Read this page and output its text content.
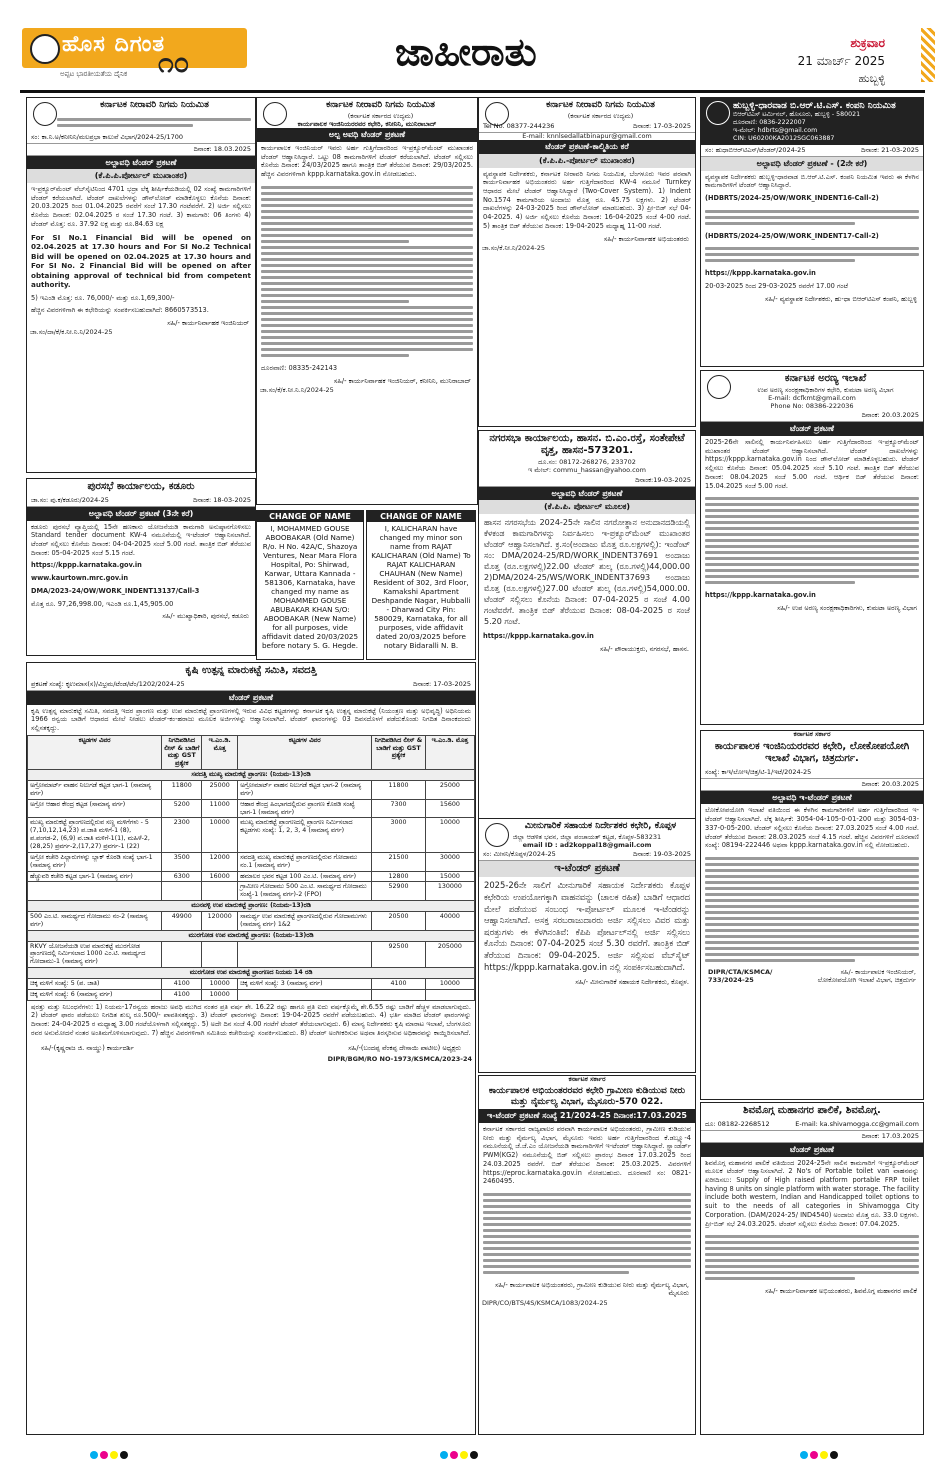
ಹೊಸ ದಿಗಂತ
೧೦
ಅಪ್ಪಟ ಭಾರತೀಯತೆಯ ದೈನಿಕ	ಜಾಹೀರಾತು	ಶುಕ್ರವಾರ
21 ಮಾರ್ಚ್ 2025
ಹುಬ್ಬಳ್ಳಿ
ಕರ್ನಾಟಕ ನೀರಾವರಿ ನಿಗಮ ನಿಯಮಿತ
ಸಂ: ಕಾ.ನಿ.ಅ/ಕನೀನಿನಿ/ಮಲಪ್ರಭಾ ಕಾಲುವೆ ವಿಭಾಗ/2024-25/1700
ದಿನಾಂಕ: 18.03.2025
ಅಲ್ಪಾವಧಿ ಟೆಂಡರ್ ಪ್ರಕಟಣೆ
(ಕೆ.ಪಿ.ಪಿ.ಪೋರ್ಟಲ್ ಮುಖಾಂತರ)
ಇ-ಪ್ರಕ್ಯೂರ್‌ಮೆಂಟ್ ವೆಬ್‌ಸೈಟಿನಿಂದ 4701 ಭದ್ರಾ ಲೆಕ್ಕ ಶೀರ್ಷಿಕೆಯಡಿಯಲ್ಲಿ 02 ಸಂಖ್ಯೆ ಕಾಮಗಾರಿಗಳಿಗೆ ಟೆಂಡರ್ ಕರೆಯಲಾಗಿದೆ. ಟೆಂಡರ್ ದಾಖಲೆಗಳನ್ನು ಡೌನ್‌ಲೋಡ್ ಮಾಡಿಕೊಳ್ಳಲು ಕೊನೆಯ ದಿನಾಂಕ: 20.03.2025 ರಿಂದ 01.04.2025 ರವರೆಗೆ ಸಂಜೆ 17.30 ಗಂಟೆವರೆಗೆ. 2) ಅರ್ಜಿ ಸಲ್ಲಿಸಲು ಕೊನೆಯ ದಿನಾಂಕ: 02.04.2025 ರ ಸಂಜೆ 17.30 ಗಂಟೆ. 3) ಕಾಮಗಾರಿ: 06 ತಿಂಗಳು 4) ಟೆಂಡರ್ ಮೊತ್ತ: ರೂ. 37.92 ಲಕ್ಷ ಮತ್ತು ರೂ.84.63 ಲಕ್ಷ
For SI No.1 Financial Bid will be opened on 02.04.2025 at 17.30 hours and For SI No.2 Technical Bid will be opened on 02.04.2025 at 17.30 hours and For SI No. 2 Financial Bid will be opened on after obtaining approval of technical bid from competent authority.
5) ಇಎಂಡಿ ಮೊತ್ತ: ರೂ. 76,000/- ಮತ್ತು ರೂ.1,69,300/-
ಹೆಚ್ಚಿನ ವಿವರಗಳಿಗಾಗಿ ಈ ಕಛೇರಿಯನ್ನು ಸಂಪರ್ಕಿಸಬಹುದಾಗಿದೆ: 8660573513.
ಸಹಿ/- ಕಾರ್ಯನಿರ್ವಾಹಕ ಇಂಜಿನಿಯರ್
ಜಾ.ಸಂ/ದಾ/ಕೆ/ಕ.ನೀ.ನಿ.ನಿ/2024-25
ಕರ್ನಾಟಕ ನೀರಾವರಿ ನಿಗಮ ನಿಯಮಿತ
(ಕರ್ನಾಟಕ ಸರ್ಕಾರದ ಉದ್ಯಮ)
ಕಾರ್ಯಪಾಲಕ ಇಂಜಿನಿಯರರವರ ಕಛೇರಿ, ಕನೀನಿನಿ, ಮುನಿರಾಬಾದ್
ಅಲ್ಪ ಅವಧಿ ಟೆಂಡರ್ ಪ್ರಕಟಣೆ
ಕಾರ್ಯಪಾಲಕ ಇಂಜಿನಿಯರ್ ಇವರು ಅರ್ಹ ಗುತ್ತಿಗೆದಾರರಿಂದ ಇ-ಪ್ರಕ್ಯೂರ್‌ಮೆಂಟ್ ಮುಖಾಂತರ ಟೆಂಡರ್ ಆಹ್ವಾನಿಸಿದ್ದಾರೆ. ಒಟ್ಟು 08 ಕಾಮಗಾರಿಗಳಿಗೆ ಟೆಂಡರ್ ಕರೆಯಲಾಗಿದೆ. ಟೆಂಡರ್ ಸಲ್ಲಿಸಲು ಕೊನೆಯ ದಿನಾಂಕ: 24/03/2025 ಹಾಗೂ ತಾಂತ್ರಿಕ ಬಿಡ್ ತೆರೆಯುವ ದಿನಾಂಕ: 29/03/2025. ಹೆಚ್ಚಿನ ವಿವರಗಳಿಗಾಗಿ kppp.karnataka.gov.in ನೋಡಬಹುದು.
ದೂರವಾಣಿ: 08335-242143
ಸಹಿ/- ಕಾರ್ಯನಿರ್ವಾಹಕ ಇಂಜಿನಿಯರ್, ಕನೀನಿನಿ, ಮುನಿರಾಬಾದ್
ಜಾ.ಸಂ/ಕೆ/ಕ.ನೀ.ನಿ.ನಿ/2024-25
ಕರ್ನಾಟಕ ನೀರಾವರಿ ನಿಗಮ ನಿಯಮಿತ
(ಕರ್ನಾಟಕ ಸರ್ಕಾರದ ಉದ್ಯಮ)
Tel No. 08377-244236	ದಿನಾಂಕ: 17-03-2025
E-mail: knnlsedallatbinapur@gmail.com
ಟೆಂಡರ್ ಪ್ರಕಟಣೆ-ಕಾಲ್ಮಿತಿಯ ಕರೆ
(ಕೆ.ಪಿ.ಪಿ.-ಪೋರ್ಟಲ್ ಮುಖಾಂತರ)
ವ್ಯವಸ್ಥಾಪಕ ನಿರ್ದೇಶಕರು, ಕರ್ನಾಟಕ ನೀರಾವರಿ ನಿಗಮ ನಿಯಮಿತ, ಬೆಂಗಳೂರು ಇವರ ಪರವಾಗಿ ಕಾರ್ಯನಿರ್ವಾಹಕ ಅಭಿಯಂತರರು ಅರ್ಹ ಗುತ್ತಿಗೆದಾರರಿಂದ KW-4 ನಮೂನೆ Turnkey ಆಧಾರದ ಮೇಲೆ ಟೆಂಡರ್ ಆಹ್ವಾನಿಸಿದ್ದಾರೆ (Two-Cover System). 1) Indent No.1574 ಕಾಮಗಾರಿಯ ಅಂದಾಜು ಮೊತ್ತ ರೂ. 45.75 ಲಕ್ಷಗಳು. 2) ಟೆಂಡರ್ ದಾಖಲೆಗಳನ್ನು 24-03-2025 ರಿಂದ ಡೌನ್‌ಲೋಡ್ ಮಾಡಬಹುದು. 3) ಪ್ರೀ-ಬಿಡ್ ಸಭೆ 04-04-2025. 4) ಅರ್ಜಿ ಸಲ್ಲಿಸಲು ಕೊನೆಯ ದಿನಾಂಕ: 16-04-2025 ಸಂಜೆ 4-00 ಗಂಟೆ. 5) ತಾಂತ್ರಿಕ ಬಿಡ್ ತೆರೆಯುವ ದಿನಾಂಕ: 19-04-2025 ಮಧ್ಯಾಹ್ನ 11-00 ಗಂಟೆ.
ಸಹಿ/- ಕಾರ್ಯನಿರ್ವಾಹಕ ಅಭಿಯಂತರರು
ಜಾ.ಸಂ/ಕೆ.ನೀ.ನಿ/2024-25
ನಗರಸಭಾ ಕಾರ್ಯಾಲಯ, ಹಾಸನ. ಬಿ.ಎಂ.ರಸ್ತೆ, ಸಂತೇಪೇಟೆ ವೃತ್ತ, ಹಾಸನ-573201.
ದೂ.ಸಂ: 08172-268276, 233702
ಇ ಮೇಲ್: commu_hassan@yahoo.com
ದಿನಾಂಕ:19-03-2025
ಅಲ್ಪಾವಧಿ ಟೆಂಡರ್ ಪ್ರಕಟಣೆ
(ಕೆ.ಪಿ.ಪಿ. ಪೋರ್ಟಲ್ ಮೂಲಕ)
ಹಾಸನ ನಗರಸಭೆಯ 2024-25ನೇ ಸಾಲಿನ ನಗರೋತ್ಥಾನ ಅನುದಾನದಡಿಯಲ್ಲಿ ಕೆಳಕಂಡ ಕಾಮಗಾರಿಗಳನ್ನು ನಿರ್ವಹಿಸಲು ಇ-ಪ್ರಕ್ಯೂರ್‌ಮೆಂಟ್ ಮುಖಾಂತರ ಟೆಂಡರ್ ಆಹ್ವಾನಿಸಲಾಗಿದೆ. ಕ್ರ.ಸಂ(ಅಂದಾಜು ಮೊತ್ತ ರೂ.ಲಕ್ಷಗಳಲ್ಲಿ): ಇಂಡೆಂಟ್ ಸಂ: DMA/2024-25/RD/WORK_INDENT37691 ಅಂದಾಜು ಮೊತ್ತ (ರೂ.ಲಕ್ಷಗಳಲ್ಲಿ)22.00 ಟೆಂಡರ್ ಶುಲ್ಕ (ರೂ.ಗಳಲ್ಲಿ)44,000.00 2)DMA/2024-25/WS/WORK_INDENT37693 ಅಂದಾಜು ಮೊತ್ತ (ರೂ.ಲಕ್ಷಗಳಲ್ಲಿ)27.00 ಟೆಂಡರ್ ಶುಲ್ಕ (ರೂ.ಗಳಲ್ಲಿ)54,000.00. ಟೆಂಡರ್ ಸಲ್ಲಿಸಲು ಕೊನೆಯ ದಿನಾಂಕ: 07-04-2025 ರ ಸಂಜೆ 4.00 ಗಂಟೆವರೆಗೆ. ತಾಂತ್ರಿಕ ಬಿಡ್ ತೆರೆಯುವ ದಿನಾಂಕ: 08-04-2025 ರ ಸಂಜೆ 5.20 ಗಂಟೆ.
https://kppp.karnataka.gov.in
ಸಹಿ/- ಪೌರಾಯುಕ್ತರು, ನಗರಸಭೆ, ಹಾಸನ.
ಮೀನುಗಾರಿಕೆ ಸಹಾಯಕ ನಿರ್ದೇಶಕರ ಕಛೇರಿ, ಕೊಪ್ಪಳ
ಜಿಲ್ಲಾ ಆಡಳಿತ ಭವನ, ಜಿಲ್ಲಾ ಪಂಚಾಯತ್ ಕಟ್ಟಡ, ಕೊಪ್ಪಳ-583231
email ID : ad2koppal18@gmail.com
ಸಂ: ಮೀಸನಿ/ಕೊಪ್ಪಳ/2024-25	ದಿನಾಂಕ: 19-03-2025
ಇ-ಟೆಂಡರ್ ಪ್ರಕಟಣೆ
2025-26ನೇ ಸಾಲಿಗೆ ಮೀನುಗಾರಿಕೆ ಸಹಾಯಕ ನಿರ್ದೇಶಕರು ಕೊಪ್ಪಳ ಕಛೇರಿಯ ಉಪಯೋಗಕ್ಕಾಗಿ ವಾಹನವನ್ನು (ಚಾಲಕ ರಹಿತ) ಬಾಡಿಗೆ ಆಧಾರದ ಮೇಲೆ ಪಡೆಯುವ ಸಂಬಂಧ ಇ-ಪೋರ್ಟಲ್ ಮೂಲಕ ಇ-ಟೆಂಡರನ್ನು ಆಹ್ವಾನಿಸಲಾಗಿದೆ. ಅಸಕ್ತ ಸರಬರಾಜುದಾರರು ಅರ್ಜಿ ಸಲ್ಲಿಸಲು ವಿವರ ಮತ್ತು ಷರತ್ತುಗಳು ಈ ಕೆಳಗಿನಂತಿವೆ: ಕೆಪಿಪಿ ಪೋರ್ಟಲ್‌ನಲ್ಲಿ ಅರ್ಜಿ ಸಲ್ಲಿಸಲು ಕೊನೆಯ ದಿನಾಂಕ: 07-04-2025 ಸಂಜೆ 5.30 ರವರೆಗೆ. ತಾಂತ್ರಿಕ ಬಿಡ್ ತೆರೆಯುವ ದಿನಾಂಕ: 09-04-2025. ಅರ್ಜಿ ಸಲ್ಲಿಸುವ ವೆಬ್‌ಸೈಟ್ https://kppp.karnataka.gov.in ನಲ್ಲಿ ಸಂಪರ್ಕಿಸಬಹುದಾಗಿದೆ.
ಸಹಿ/- ಮೀನುಗಾರಿಕೆ ಸಹಾಯಕ ನಿರ್ದೇಶಕರು, ಕೊಪ್ಪಳ.
ಕರ್ನಾಟಕ ಸರ್ಕಾರ
ಕಾರ್ಯಪಾಲಕ ಅಭಿಯಂತರರವರ ಕಛೇರಿ ಗ್ರಾಮೀಣ ಕುಡಿಯುವ ನೀರು ಮತ್ತು ನೈರ್ಮಲ್ಯ ವಿಭಾಗ, ಮೈಸೂರು-570 022.
ಇ-ಟೆಂಡರ್ ಪ್ರಕಟಣೆ ಸಂಖ್ಯೆ 21/2024-25 ದಿನಾಂಕ:17.03.2025
ಕರ್ನಾಟಕ ಸರ್ಕಾರದ ರಾಜ್ಯಪಾಲರ ಪರವಾಗಿ ಕಾರ್ಯಪಾಲಕ ಅಭಿಯಂತರರು, ಗ್ರಾಮೀಣ ಕುಡಿಯುವ ನೀರು ಮತ್ತು ನೈರ್ಮಲ್ಯ ವಿಭಾಗ, ಮೈಸೂರು ಇವರು ಅರ್ಹ ಗುತ್ತಿಗೆದಾರರಿಂದ ಕೆ.ಡಬ್ಲ್ಯೂ-4 ನಮೂನೆಯಲ್ಲಿ ಜೆ.ಜೆ.ಎಂ ಯೋಜನೆಯಡಿ ಕಾಮಗಾರಿಗಳಿಗೆ ಇ-ಟೆಂಡರ್ ಆಹ್ವಾನಿಸಿದ್ದಾರೆ. ಸ್ಟ್ಯಾಂಡರ್ಡ್ PWM(KG2) ನಮೂನೆಯಲ್ಲಿ ಬಿಡ್ ಸಲ್ಲಿಸಲು ಪ್ರಾರಂಭ ದಿನಾಂಕ 17.03.2025 ರಿಂದ 24.03.2025 ರವರೆಗೆ. ಬಿಡ್ ತೆರೆಯುವ ದಿನಾಂಕ: 25.03.2025. ವಿವರಗಳಿಗೆ https://eproc.karnataka.gov.in ನೋಡಬಹುದು. ದೂರವಾಣಿ ಸಂ: 0821-2460495.
ಸಹಿ/- ಕಾರ್ಯಪಾಲಕ ಅಭಿಯಂತರರು, ಗ್ರಾಮೀಣ ಕುಡಿಯುವ ನೀರು ಮತ್ತು ನೈರ್ಮಲ್ಯ ವಿಭಾಗ, ಮೈಸೂರು
DIPR/CO/BTS/4S/KSMCA/1083/2024-25
ಹುಬ್ಬಳ್ಳಿ-ಧಾರವಾಡ ಬಿ.ಆರ್.ಟಿ.ಎಸ್. ಕಂಪನಿ ನಿಯಮಿತ
ಬಿಆರ್‌ಟಿಎಸ್ ಟರ್ಮಿನಲ್, ಹೊಸೂರು, ಹುಬ್ಬಳ್ಳಿ - 580021
ದೂರವಾಣಿ: 0836-2222007
ಇ-ಮೇಲ್: hdbrts@gmail.com
CIN: U60200KA2012SGC063887
ಸಂ: ಹುಧಾಬಿಆರ್‌ಟಿಎಸ್/ಟೆಂಡರ್/2024-25	ದಿನಾಂಕ: 21-03-2025
ಅಲ್ಪಾವಧಿ ಟೆಂಡರ್ ಪ್ರಕಟಣೆ - (2ನೇ ಕರೆ)
ವ್ಯವಸ್ಥಾಪಕ ನಿರ್ದೇಶಕರು ಹುಬ್ಬಳ್ಳಿ-ಧಾರವಾಡ ಬಿ.ಆರ್.ಟಿ.ಎಸ್. ಕಂಪನಿ ನಿಯಮಿತ ಇವರು ಈ ಕೆಳಗಿನ ಕಾಮಗಾರಿಗಳಿಗೆ ಟೆಂಡರ್ ಆಹ್ವಾನಿಸಿದ್ದಾರೆ.
(HDBRTS/2024-25/OW/WORK_INDENT16-Call-2)
(HDBRTS/2024-25/OW/WORK_INDENT17-Call-2)
https://kppp.karnataka.gov.in
20-03-2025 ರಿಂದ 29-03-2025 ರವರೆಗೆ 17.00 ಗಂಟೆ
ಸಹಿ/- ವ್ಯವಸ್ಥಾಪಕ ನಿರ್ದೇಶಕರು, ಹು-ಧಾ ಬಿಆರ್‌ಟಿಎಸ್ ಕಂಪನಿ, ಹುಬ್ಬಳ್ಳಿ
ಕರ್ನಾಟಕ ಅರಣ್ಯ ಇಲಾಖೆ
ಉಪ ಅರಣ್ಯ ಸಂರಕ್ಷಣಾಧಿಕಾರಿಗಳ ಕಛೇರಿ, ಕುಮಟಾ ಅರಣ್ಯ ವಿಭಾಗ
E-mail: dcfkmt@gmail.com
Phone No: 08386-222036
ದಿನಾಂಕ: 20.03.2025
ಟೆಂಡರ್ ಪ್ರಕಟಣೆ
2025-26ನೇ ಸಾಲಿನಲ್ಲಿ ಕಾರ್ಯನಿರ್ವಹಿಸಲು ಅರ್ಹ ಗುತ್ತಿಗೆದಾರರಿಂದ ಇ-ಪ್ರಕ್ಯೂರ್‌ಮೆಂಟ್ ಮುಖಾಂತರ ಟೆಂಡರ್ ಆಹ್ವಾನಿಸಲಾಗಿದೆ. ಟೆಂಡರ್ ದಾಖಲೆಗಳನ್ನು https://kppp.karnataka.gov.in ನಿಂದ ಡೌನ್‌ಲೋಡ್ ಮಾಡಿಕೊಳ್ಳಬಹುದು. ಟೆಂಡರ್ ಸಲ್ಲಿಸಲು ಕೊನೆಯ ದಿನಾಂಕ: 05.04.2025 ಸಂಜೆ 5.10 ಗಂಟೆ. ತಾಂತ್ರಿಕ ಬಿಡ್ ತೆರೆಯುವ ದಿನಾಂಕ: 08.04.2025 ಸಂಜೆ 5.00 ಗಂಟೆ. ಆರ್ಥಿಕ ಬಿಡ್ ತೆರೆಯುವ ದಿನಾಂಕ: 15.04.2025 ಸಂಜೆ 5.00 ಗಂಟೆ.
https://kppp.karnataka.gov.in
ಸಹಿ/- ಉಪ ಅರಣ್ಯ ಸಂರಕ್ಷಣಾಧಿಕಾರಿಗಳು, ಕುಮಟಾ ಅರಣ್ಯ ವಿಭಾಗ
ಕರ್ನಾಟಕ ಸರ್ಕಾರ
ಕಾರ್ಯಪಾಲಕ ಇಂಜಿನಿಯರರವರ ಕಛೇರಿ, ಲೋಕೋಪಯೋಗಿ ಇಲಾಖೆ ವಿಭಾಗ, ಚಿತ್ರದುರ್ಗ.
ಸಂಖ್ಯೆ: ಕಾಇ/ಲೋಇ/ಚಿತ್ರ/ಟಿ-1/ಇಟೆ/2024-25
ದಿನಾಂಕ: 20.03.2025
ಅಲ್ಪಾವಧಿ ಇ-ಟೆಂಡರ್ ಪ್ರಕಟಣೆ
ಲೋಕೋಪಯೋಗಿ ಇಲಾಖೆ ವತಿಯಿಂದ ಈ ಕೆಳಗಿನ ಕಾಮಗಾರಿಗಳಿಗೆ ಅರ್ಹ ಗುತ್ತಿಗೆದಾರರಿಂದ ಇ-ಟೆಂಡರ್ ಆಹ್ವಾನಿಸಲಾಗಿದೆ. ಲೆಕ್ಕ ಶೀರ್ಷಿಕೆ: 3054-04-105-0-01-200 ಮತ್ತು 3054-03-337-0-05-200. ಟೆಂಡರ್ ಸಲ್ಲಿಸಲು ಕೊನೆಯ ದಿನಾಂಕ: 27.03.2025 ಸಂಜೆ 4.00 ಗಂಟೆ. ಟೆಂಡರ್ ತೆರೆಯುವ ದಿನಾಂಕ: 28.03.2025 ಸಂಜೆ 4.15 ಗಂಟೆ. ಹೆಚ್ಚಿನ ವಿವರಗಳಿಗೆ ದೂರವಾಣಿ ಸಂಖ್ಯೆ: 08194-222446 ಅಥವಾ kppp.karnataka.gov.in ನಲ್ಲಿ ನೋಡಬಹುದು.
DIPR/CTA/KSMCA/ 733/2024-25
ಸಹಿ/- ಕಾರ್ಯಪಾಲಕ ಇಂಜಿನಿಯರ್, ಲೋಕೋಪಯೋಗಿ ಇಲಾಖೆ ವಿಭಾಗ, ಚಿತ್ರದುರ್ಗ
ಶಿವಮೊಗ್ಗ ಮಹಾನಗರ ಪಾಲಿಕೆ, ಶಿವಮೊಗ್ಗ.
ದೂ: 08182-2268512	E-mail: ka.shivamogga.cc@gmail.com
ದಿನಾಂಕ: 17.03.2025
ಟೆಂಡರ್ ಪ್ರಕಟಣೆ
ಶಿವಮೊಗ್ಗ ಮಹಾನಗರ ಪಾಲಿಕೆ ವತಿಯಿಂದ 2024-25ನೇ ಸಾಲಿನ ಕಾಮಗಾರಿಗೆ ಇ-ಪ್ರಕ್ಯೂರ್‌ಮೆಂಟ್ ಮೂಲಕ ಟೆಂಡರ್ ಆಹ್ವಾನಿಸಲಾಗಿದೆ. 2 No's of Portable toilet van ವಾಹನವನ್ನು ಖರೀದಿಸಲು: Supply of High raised platform portable FRP toilet having 8 units on single platform with water storage. The facility include both western, Indian and Handicapped toilet options to suit to the needs of all categories in Shivamogga City Corporation. (DAM/2024-25/ IND4540) ಅಂದಾಜು ಮೊತ್ತ ರೂ. 33.0 ಲಕ್ಷಗಳು. ಪ್ರೀ-ಬಿಡ್ ಸಭೆ 24.03.2025. ಟೆಂಡರ್ ಸಲ್ಲಿಸಲು ಕೊನೆಯ ದಿನಾಂಕ: 07.04.2025.
ಸಹಿ/- ಕಾರ್ಯನಿರ್ವಾಹಕ ಅಭಿಯಂತರರು, ಶಿವಮೊಗ್ಗ ಮಹಾನಗರ ಪಾಲಿಕೆ
ಪುರಸಭೆ ಕಾರ್ಯಾಲಯ, ಕಡೂರು
ಜಾ.ಸಂ: ಪು.ಕ/ಕಡೂರು/2024-25	ದಿನಾಂಕ: 18-03-2025
ಅಲ್ಪಾವಧಿ ಟೆಂಡರ್ ಪ್ರಕಟಣೆ (3ನೇ ಕರೆ)
ಕಡೂರು ಪುರಸಭೆ ವ್ಯಾಪ್ತಿಯಲ್ಲಿ 15ನೇ ಹಣಕಾಸು ಯೋಜನೆಯಡಿ ಕಾಮಗಾರಿ ಅನುಷ್ಠಾನಗೊಳಿಸಲು Standard tender document KW-4 ನಮೂನೆಯಲ್ಲಿ ಇ-ಟೆಂಡರ್ ಆಹ್ವಾನಿಸಲಾಗಿದೆ. ಟೆಂಡರ್ ಸಲ್ಲಿಸಲು ಕೊನೆಯ ದಿನಾಂಕ: 04-04-2025 ಸಂಜೆ 5.00 ಗಂಟೆ. ತಾಂತ್ರಿಕ ಬಿಡ್ ತೆರೆಯುವ ದಿನಾಂಕ: 05-04-2025 ಸಂಜೆ 5.15 ಗಂಟೆ.
https://kppp.karnataka.gov.in
www.kaurtown.mrc.gov.in
DMA/2023-24/OW/WORK_INDENT13137/Call-3
ಮೊತ್ತ ರೂ. 97,26,998.00, ಇಎಂಡಿ ರೂ.1,45,905.00
ಸಹಿ/- ಮುಖ್ಯಾಧಿಕಾರಿ, ಪುರಸಭೆ, ಕಡೂರು
CHANGE OF NAME
I, MOHAMMED GOUSE ABOOBAKAR (Old Name) R/o. H No. 42A/C, Shazoya Ventures, Near Mara Flora Hospital, Po: Shirwad, Karwar, Uttara Kannada - 581306, Karnataka, have changed my name as MOHAMMED GOUSE ABUBAKAR KHAN S/O: ABOOBAKAR (New Name) for all purposes, vide affidavit dated 20/03/2025 before notary S. G. Hegde.
CHANGE OF NAME
I, KALICHARAN have changed my minor son name from RAJAT KALICHARAN (Old Name) To RAJAT KALICHARAN CHAUHAN (New Name) Resident of 302, 3rd Floor, Kamakshi Apartment Deshpande Nagar, Hubballi - Dharwad City Pin: 580029, Karnataka, for all purposes, vide affidavit dated 20/03/2025 before notary Bidaralli N. B.
ಕೃಷಿ ಉತ್ಪನ್ನ ಮಾರುಕಟ್ಟೆ ಸಮಿತಿ, ಸವದತ್ತಿ
ಪ್ರಕಟಣೆ ಸಂಖ್ಯೆ: ಕೃಉಮಾಸ(ಸ)/ವಿಭ್ರಮ/ಟೆಂಡ/ಟೆಂ/1202/2024-25	ದಿನಾಂಕ: 17-03-2025
ಟೆಂಡರ್ ಪ್ರಕಟಣೆ
ಕೃಷಿ ಉತ್ಪನ್ನ ಮಾರುಕಟ್ಟೆ ಸಮಿತಿ, ಸವದತ್ತಿ ಇದರ ಪ್ರಾಂಗಣ ಮತ್ತು ಉಪ ಮಾರುಕಟ್ಟೆ ಪ್ರಾಂಗಣಗಳಲ್ಲಿ ಇರುವ ವಿವಿಧ ಕಟ್ಟಡಗಳನ್ನು ಕರ್ನಾಟಕ ಕೃಷಿ ಉತ್ಪನ್ನ ಮಾರುಕಟ್ಟೆ (ನಿಯಂತ್ರಣ ಮತ್ತು ಅಭಿವೃದ್ಧಿ) ಅಧಿನಿಯಮ 1966 ರನ್ವಯ ಬಾಡಿಗೆ ಆಧಾರದ ಮೇಲೆ ನೀಡಲು ಟೆಂಡರ್-ಕಂ-ಹರಾಜು ಮೂಲಕ ಅರ್ಜಿಗಳನ್ನು ಆಹ್ವಾನಿಸಲಾಗಿದೆ. ಟೆಂಡರ್ ಫಾರಂಗಳನ್ನು 03 ದಿವಸದೊಳಗೆ ಪಡೆದುಕೊಂಡು ನಿಗದಿತ ದಿನಾಂಕದಂದು ಸಲ್ಲಿಸತಕ್ಕದ್ದು.
ಕಟ್ಟಡಗಳ ವಿವರ	ನಿಗದಿಪಡಿಸಿದ ಲೀಸ್ & ಬಾಡಿಗೆ ಮತ್ತು GST ಪ್ರತ್ಯೇಕ	ಇ.ಎಂ.ಡಿ. ಮೊತ್ತ	ಕಟ್ಟಡಗಳ ವಿವರ	ನಿಗದಿಪಡಿಸಿದ ಲೀಸ್ & ಬಾಡಿಗೆ ಮತ್ತು GST ಪ್ರತ್ಯೇಕ	ಇ.ಎಂ.ಡಿ. ಮೊತ್ತ
ಸವದತ್ತಿ ಮುಖ್ಯ ಮಾರುಕಟ್ಟೆ ಪ್ರಾಂಗಣ: (ನಿಯಮ-13)ರಡಿ					
ಅಗ್ರೋಮಾರ್ಟ್ ವಾಹನ ನಿಲುಗಡೆ ಕಟ್ಟಡ ಭಾಗ-1 (ಸಾಮಾನ್ಯ ವರ್ಗ)	11800	25000	ಅಗ್ರೋಮಾರ್ಟ್ ವಾಹನ ನಿಲುಗಡೆ ಕಟ್ಟಡ ಭಾಗ-2 (ಸಾಮಾನ್ಯ ವರ್ಗ)	11800	25000
ಅಗ್ರೋ ಆಹಾರ ಕೇಂದ್ರ ಕಟ್ಟಡ (ಸಾಮಾನ್ಯ ವರ್ಗ)	5200	11000	ಆಹಾರ ಕೇಂದ್ರ ಹಿಂಭಾಗದಲ್ಲಿರುವ ಪ್ರಾಂಗಣ ಕೊಠಡಿ ಸಂಖ್ಯೆ ಭಾಗ-1 (ಸಾಮಾನ್ಯ ವರ್ಗ)	7300	15600
ಮುಖ್ಯ ಮಾರುಕಟ್ಟೆ ಪ್ರಾಂಗಣದಲ್ಲಿರುವ ಸಣ್ಣ ಮಳಿಗೆಗಳು - 5 (7,10,12,14,23) ಪ.ಜಾತಿ ಮಳಿಗೆ-1 (8), ಪ.ಪಂಗಡ-2, (6,9) ಪ.ಜಾತಿ ಮಳಿಗೆ-1(1), ಮಹಿಳೆ-2, (28,25) ಪ್ರವರ್ಗ-2,(17,27) ಪ್ರವರ್ಗ-1 (22)	2300	10000	ಮುಖ್ಯ ಮಾರುಕಟ್ಟೆ ಪ್ರಾಂಗಣದಲ್ಲಿ ಪ್ರಾಂಗಣ ನಿರ್ಮಿಸಲಾದ ಕಟ್ಟಡಗಳು ಸಂಖ್ಯೆ: 1, 2, 3, 4 (ಸಾಮಾನ್ಯ ವರ್ಗ)	3000	10000
ಅಗ್ರೋ ಕಚೇರಿ ಪಿಲ್ಲಾರುಗಳನ್ನು ಬ್ಲಾಕ್ ಕೊಠಡಿ ಸಂಖ್ಯೆ ಭಾಗ-1 (ಸಾಮಾನ್ಯ ವರ್ಗ)	3500	12000	ಸವದತ್ತಿ ಮುಖ್ಯ ಮಾರುಕಟ್ಟೆ ಪ್ರಾಂಗಣದಲ್ಲಿರುವ ಗೋದಾಮು ನಂ.1 (ಸಾಮಾನ್ಯ ವರ್ಗ)	21500	30000
ಹೆಚ್ಚುವರಿ ಕಚೇರಿ ಕಟ್ಟಡ ಭಾಗ-1 (ಸಾಮಾನ್ಯ ವರ್ಗ)	6300	16000	ಹಮಾಲರ ಭವನ ಕಟ್ಟಡ 100 ಎಂ.ಟಿ. (ಸಾಮಾನ್ಯ ವರ್ಗ)	12800	15000
			ಗ್ರಾಮೀಣ ಗೋದಾಮು 500 ಎಂ.ಟಿ. ಸಾಮರ್ಥ್ಯದ ಗೋದಾಮು ಸಂಖ್ಯೆ-1 (ಸಾಮಾನ್ಯ ವರ್ಗ)-2 (FPO)	52900	130000
ಮುನವಳ್ಳಿ ಉಪ ಮಾರುಕಟ್ಟೆ ಪ್ರಾಂಗಣ: (ನಿಯಮ-13)ರಡಿ					
500 ಎಂ.ಟಿ. ಸಾಮರ್ಥ್ಯದ ಗೋದಾಮು ನಂ-2 (ಸಾಮಾನ್ಯ ವರ್ಗ)	49900	120000	ಸಾಮರ್ಥ್ಯ ಉಪ ಮಾರುಕಟ್ಟೆ ಪ್ರಾಂಗಣದಲ್ಲಿರುವ ಗೋದಾಮುಗಳು (ಸಾಮಾನ್ಯ ವರ್ಗ) 1&2	20500	40000
ಮುರಗೋಡ ಉಪ ಮಾರುಕಟ್ಟೆ ಪ್ರಾಂಗಣ: (ನಿಯಮ-13)ರಡಿ					
RKVY ಯೋಜನೆಯಡಿ ಉಪ ಮಾರುಕಟ್ಟೆ ಮುರಗೋಡ ಪ್ರಾಂಗಣದಲ್ಲಿ ನಿರ್ಮಿಸಲಾದ 1000 ಎಂ.ಟಿ. ಸಾಮರ್ಥ್ಯದ ಗೋದಾಮು-1 (ಸಾಮಾನ್ಯ ವರ್ಗ)				92500	205000
ಮುರಗೋಡ ಉಪ ಮಾರುಕಟ್ಟೆ ಪ್ರಾಂಗಣದ ನಿಯಮ 14 ರಡಿ					
ಚಿಕ್ಕ ಮಳಿಗೆ ಸಂಖ್ಯೆ: 5 (ಪ. ಜಾತಿ)	4100	10000	ಚಿಕ್ಕ ಮಳಿಗೆ ಸಂಖ್ಯೆ: 3 (ಸಾಮಾನ್ಯ ವರ್ಗ)	4100	10000
ಚಿಕ್ಕ ಮಳಿಗೆ ಸಂಖ್ಯೆ: 6 (ಸಾಮಾನ್ಯ ವರ್ಗ)	4100	10000			
ಷರತ್ತು ಮತ್ತು ನಿಬಂಧನೆಗಳು: 1) ನಿಯಮ-17ರನ್ವಯ ಹರಾಜು ಅವಧಿ ಮುಗಿದ ನಂತರ ಪ್ರತಿ ವರ್ಷ ಶೇ. 16.22 ರಷ್ಟು ಹಾಗೂ ಪ್ರತಿ ಐದು ವರ್ಷಕ್ಕೊಮ್ಮೆ ಶೇ.6.55 ರಷ್ಟು ಬಾಡಿಗೆ ಹೆಚ್ಚಳ ಮಾಡಲಾಗುವುದು. 2) ಟೆಂಡರ್ ಫಾರಂ ಪಡೆಯಲು ನಿಗದಿತ ಶುಲ್ಕ ರೂ.500/- ಪಾವತಿಸತಕ್ಕದ್ದು. 3) ಟೆಂಡರ್ ಫಾರಂಗಳನ್ನು ದಿನಾಂಕ: 19-04-2025 ರವರೆಗೆ ಪಡೆಯಬಹುದು. 4) ಭರ್ತಿ ಮಾಡಿದ ಟೆಂಡರ್ ಫಾರಂಗಳನ್ನು ದಿನಾಂಕ: 24-04-2025 ರ ಮಧ್ಯಾಹ್ನ 3.00 ಗಂಟೆಯೊಳಗಾಗಿ ಸಲ್ಲಿಸತಕ್ಕದ್ದು. 5) ಅದೇ ದಿನ ಸಂಜೆ 4.00 ಗಂಟೆಗೆ ಟೆಂಡರ್ ತೆರೆಯಲಾಗುವುದು. 6) ಮಾನ್ಯ ನಿರ್ದೇಶಕರು ಕೃಷಿ ಮಾರಾಟ ಇಲಾಖೆ, ಬೆಂಗಳೂರು ರವರ ಅನುಮೋದನೆ ನಂತರ ಅಂತಿಮಗೊಳಿಸಲಾಗುವುದು. 7) ಹೆಚ್ಚಿನ ವಿವರಗಳಿಗಾಗಿ ಸಮಿತಿಯ ಕಚೇರಿಯನ್ನು ಸಂಪರ್ಕಿಸಬಹುದು. 8) ಟೆಂಡರ್ ಅಂಗೀಕರಿಸುವ ಅಥವಾ ತಿರಸ್ಕರಿಸುವ ಅಧಿಕಾರವನ್ನು ಕಾಯ್ದಿರಿಸಲಾಗಿದೆ.
ಸಹಿ/-(ಕೃಷ್ಣರಾಜ ಜಿ. ನಾಯ್ಡು) ಕಾರ್ಯದರ್ಶಿ	ಸಹಿ/-(ಬಂದಪ್ಪ ವೆಂಕಪ್ಪ ದೇಸಾಯಿ ಪಾಟೀಲ) ಅಧ್ಯಕ್ಷರು
DIPR/BGM/RO NO-1973/KSMCA/2023-24
